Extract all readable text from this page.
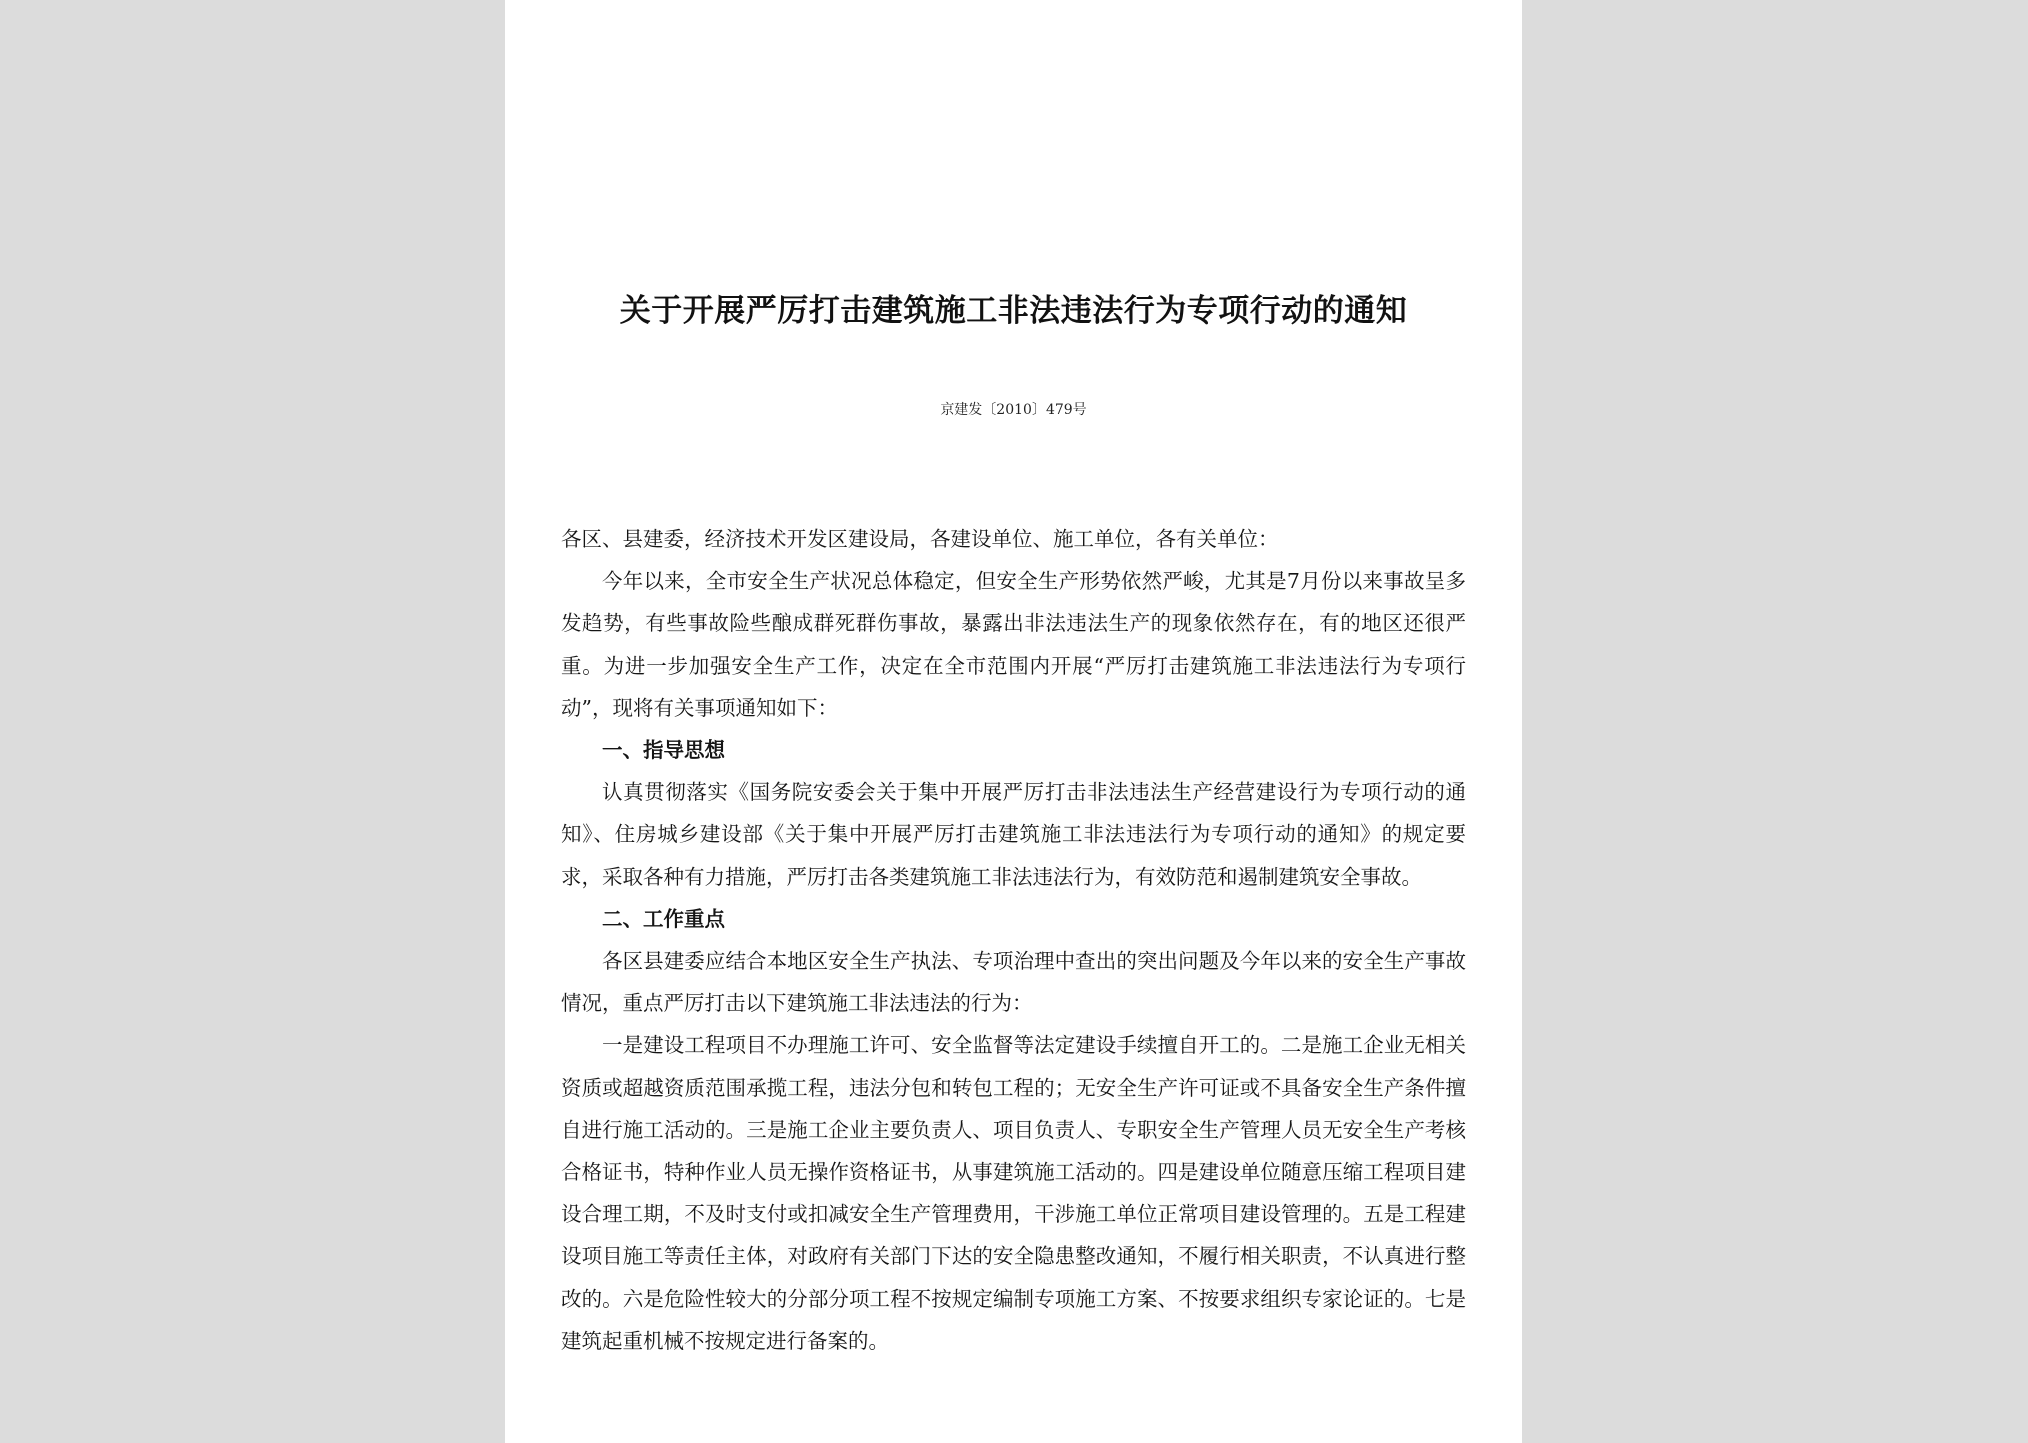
关于开展严厉打击建筑施工非法违法行为专项行动的通知
京建发〔2010〕479号

各区、县建委，经济技术开发区建设局，各建设单位、施工单位，各有关单位：

今年以来，全市安全生产状况总体稳定，但安全生产形势依然严峻，尤其是7月份以来事故呈多发趋势，有些事故险些酿成群死群伤事故，暴露出非法违法生产的现象依然存在，有的地区还很严重。为进一步加强安全生产工作，决定在全市范围内开展“严厉打击建筑施工非法违法行为专项行动”，现将有关事项通知如下：

一、指导思想

认真贯彻落实《国务院安委会关于集中开展严厉打击非法违法生产经营建设行为专项行动的通知》、住房城乡建设部《关于集中开展严厉打击建筑施工非法违法行为专项行动的通知》的规定要求，采取各种有力措施，严厉打击各类建筑施工非法违法行为，有效防范和遏制建筑安全事故。

二、工作重点

各区县建委应结合本地区安全生产执法、专项治理中查出的突出问题及今年以来的安全生产事故情况，重点严厉打击以下建筑施工非法违法的行为：

一是建设工程项目不办理施工许可、安全监督等法定建设手续擅自开工的。二是施工企业无相关资质或超越资质范围承揽工程，违法分包和转包工程的；无安全生产许可证或不具备安全生产条件擅自进行施工活动的。三是施工企业主要负责人、项目负责人、专职安全生产管理人员无安全生产考核合格证书，特种作业人员无操作资格证书，从事建筑施工活动的。四是建设单位随意压缩工程项目建设合理工期，不及时支付或扣减安全生产管理费用，干涉施工单位正常项目建设管理的。五是工程建设项目施工等责任主体，对政府有关部门下达的安全隐患整改通知，不履行相关职责，不认真进行整改的。六是危险性较大的分部分项工程不按规定编制专项施工方案、不按要求组织专家论证的。七是建筑起重机械不按规定进行备案的。
